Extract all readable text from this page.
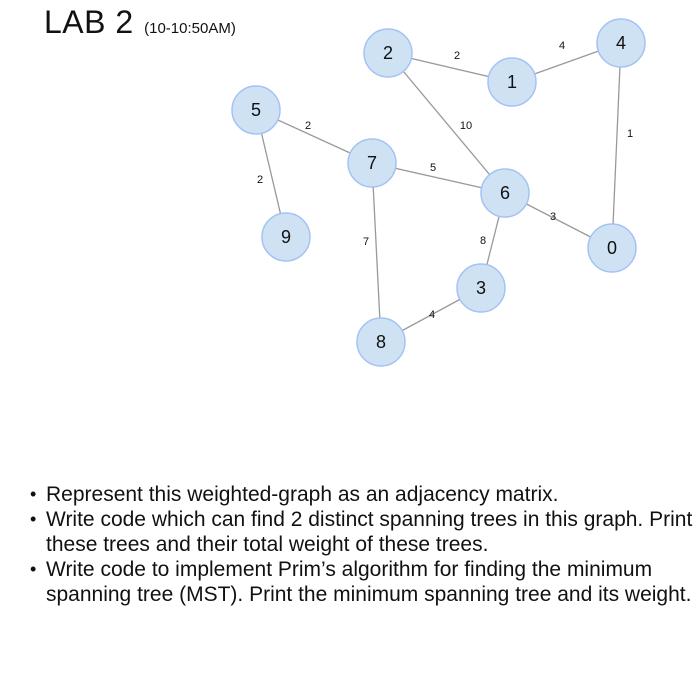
LAB 2 (10-10:50AM)
2
4
10
1
2
2
5
7
3
8
4
0
1
2
3
4
5
6
7
8
9
• Represent this weighted-graph as an adjacency matrix.
• Write code which can find 2 distinct spanning trees in this graph. Print these trees and their total weight of these trees.
• Write code to implement Prim’s algorithm for finding the minimum spanning tree (MST). Print the minimum spanning tree and its weight.
